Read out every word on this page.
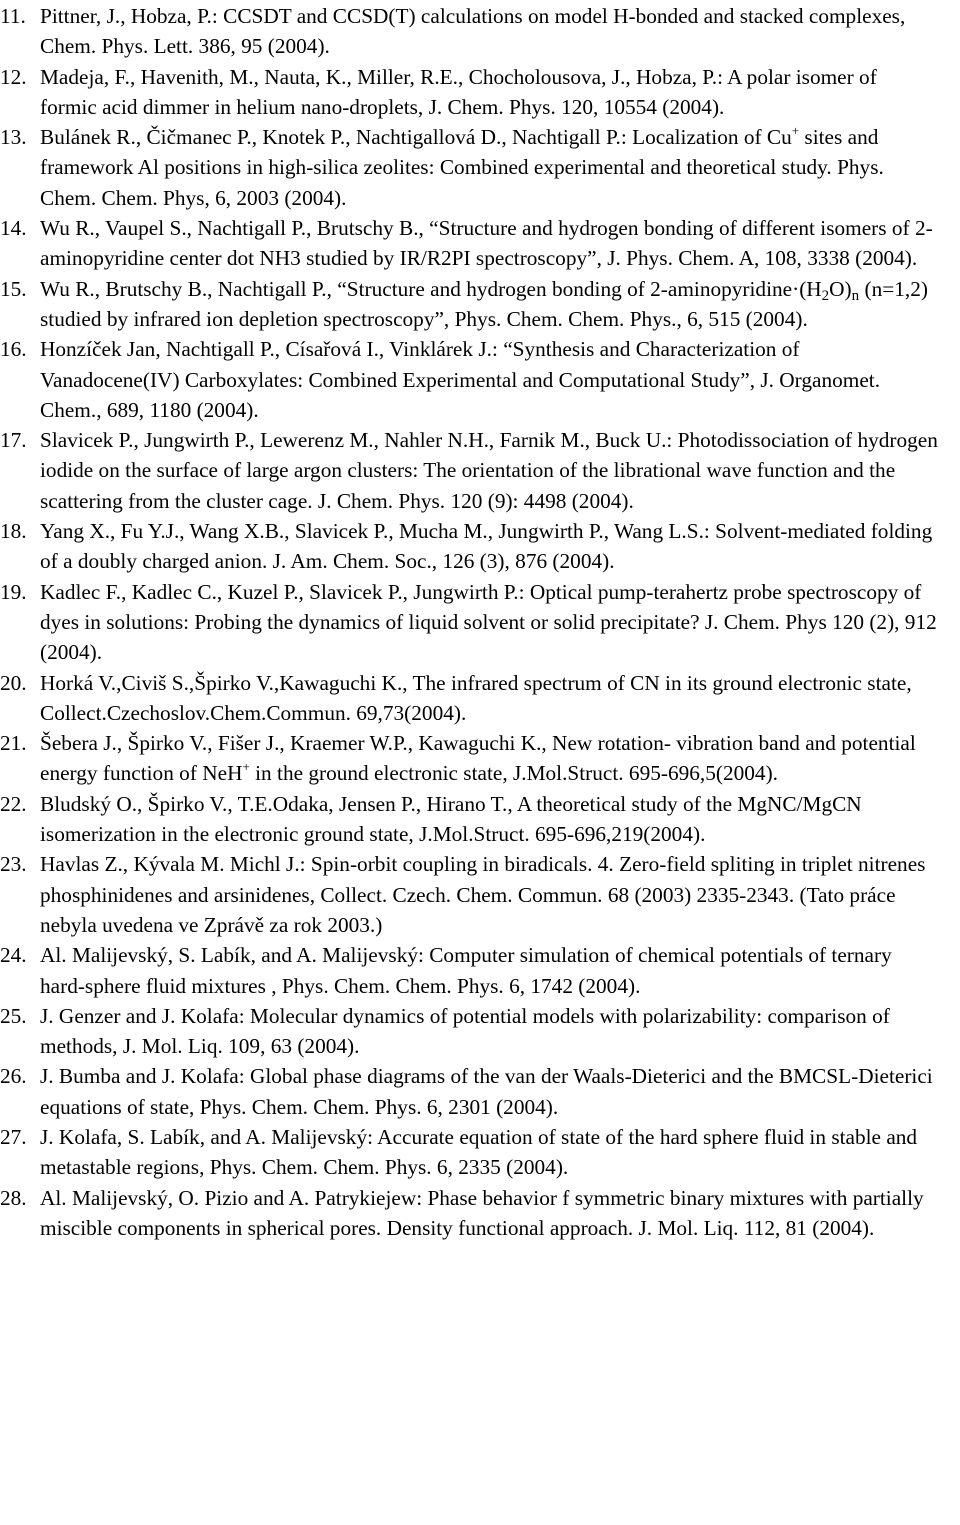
11. Pittner, J., Hobza, P.: CCSDT and CCSD(T) calculations on model H-bonded and stacked complexes, Chem. Phys. Lett. 386, 95 (2004).
12. Madeja, F., Havenith, M., Nauta, K., Miller, R.E., Chocholousova, J., Hobza, P.: A polar isomer of formic acid dimmer in helium nano-droplets, J. Chem. Phys. 120, 10554 (2004).
13. Bulánek R., Čičmanec P., Knotek P., Nachtigallová D., Nachtigall P.: Localization of Cu+ sites and framework Al positions in high-silica zeolites: Combined experimental and theoretical study. Phys. Chem. Chem. Phys, 6, 2003 (2004).
14. Wu R., Vaupel S., Nachtigall P., Brutschy B., “Structure and hydrogen bonding of different isomers of 2-aminopyridine center dot NH3 studied by IR/R2PI spectroscopy”, J. Phys. Chem. A, 108, 3338 (2004).
15. Wu R., Brutschy B., Nachtigall P., “Structure and hydrogen bonding of $2-aminopyridine\cdot(H_2O)_n$ (n=1,2) studied by infrared ion depletion spectroscopy”, Phys. Chem. Chem. Phys., 6, 515 (2004).
16. Honzíček Jan, Nachtigall P., Císařová I., Vinklárek J.: “Synthesis and Characterization of Vanadocene(IV) Carboxylates: Combined Experimental and Computational Study”, J. Organomet. Chem., 689, 1180 (2004).
17. Slavicek P., Jungwirth P., Lewerenz M., Nahler N.H., Farnik M., Buck U.: Photodissociation of hydrogen iodide on the surface of large argon clusters: The orientation of the librational wave function and the scattering from the cluster cage. J. Chem. Phys. 120 (9): 4498 (2004).
18. Yang X., Fu Y.J., Wang X.B., Slavicek P., Mucha M., Jungwirth P., Wang L.S.: Solvent-mediated folding of a doubly charged anion. J. Am. Chem. Soc., 126 (3), 876 (2004).
19. Kadlec F., Kadlec C., Kuzel P., Slavicek P., Jungwirth P.: Optical pump-terahertz probe spectroscopy of dyes in solutions: Probing the dynamics of liquid solvent or solid precipitate? J. Chem. Phys 120 (2), 912 (2004).
20. Horká V.,Civiš S.,Špirko V.,Kawaguchi K., The infrared spectrum of CN in its ground electronic state, Collect.Czechoslov.Chem.Commun. 69,73(2004).
21. Šebera J., Špirko V., Fišer J., Kraemer W.P., Kawaguchi K., New rotation- vibration band and potential energy function of NeH+ in the ground electronic state, J.Mol.Struct. 695-696,5(2004).
22. Bludský O., Špirko V., T.E.Odaka, Jensen P., Hirano T., A theoretical study of the MgNC/MgCN isomerization in the electronic ground state, J.Mol.Struct. 695-696,219(2004).
23. Havlas Z., Kývala M. Michl J.: Spin-orbit coupling in biradicals. 4. Zero-field spliting in triplet nitrenes phosphinidenes and arsinidenes, Collect. Czech. Chem. Commun. 68 (2003) 2335-2343. (Tato práce nebyla uvedena ve Zprávě za rok 2003.)
24. Al. Malijevský, S. Labík, and A. Malijevský: Computer simulation of chemical potentials of ternary hard-sphere fluid mixtures , Phys. Chem. Chem. Phys. 6, 1742 (2004).
25. J. Genzer and J. Kolafa: Molecular dynamics of potential models with polarizability: comparison of methods, J. Mol. Liq. 109, 63 (2004).
26. J. Bumba and J. Kolafa: Global phase diagrams of the van der Waals-Dieterici and the BMCSL-Dieterici equations of state, Phys. Chem. Chem. Phys. 6, 2301 (2004).
27. J. Kolafa, S. Labík, and A. Malijevský: Accurate equation of state of the hard sphere fluid in stable and metastable regions, Phys. Chem. Chem. Phys. 6, 2335 (2004).
28. Al. Malijevský, O. Pizio and A. Patrykiejew: Phase behavior f symmetric binary mixtures with partially miscible components in spherical pores. Density functional approach. J. Mol. Liq. 112, 81 (2004).
